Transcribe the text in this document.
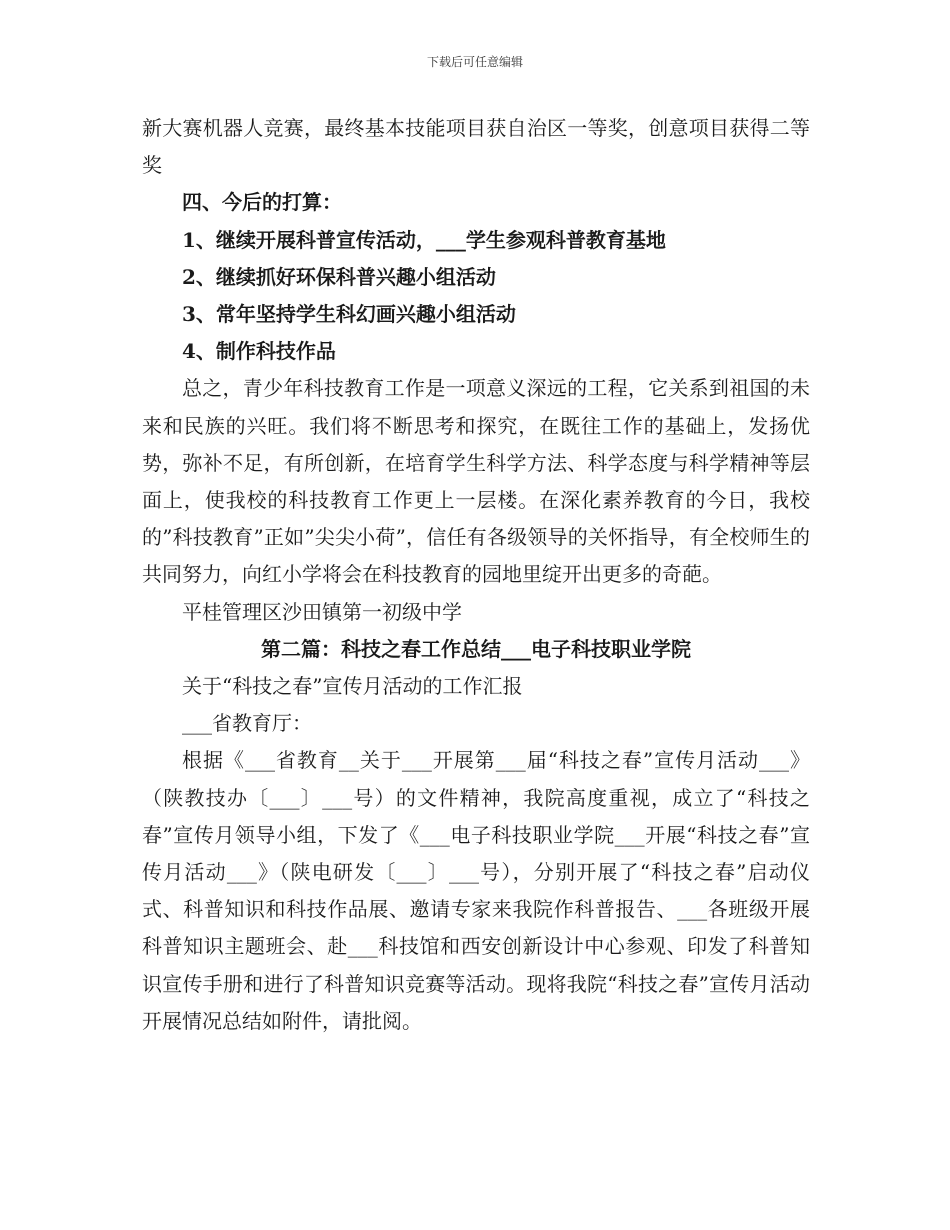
下载后可任意编辑

新大赛机器人竞赛，最终基本技能项目获自治区一等奖，创意项目获得二等奖

四、今后的打算：

1、继续开展科普宣传活动，___学生参观科普教育基地

2、继续抓好环保科普兴趣小组活动

3、常年坚持学生科幻画兴趣小组活动

4、制作科技作品

总之，青少年科技教育工作是一项意义深远的工程，它关系到祖国的未来和民族的兴旺。我们将不断思考和探究，在既往工作的基础上，发扬优势，弥补不足，有所创新，在培育学生科学方法、科学态度与科学精神等层面上，使我校的科技教育工作更上一层楼。在深化素养教育的今日，我校的”科技教育”正如”尖尖小荷”，信任有各级领导的关怀指导，有全校师生的共同努力，向红小学将会在科技教育的园地里绽开出更多的奇葩。

平桂管理区沙田镇第一初级中学

第二篇：科技之春工作总结___电子科技职业学院

关于“科技之春”宣传月活动的工作汇报

___省教育厅：

根据《___省教育__关于___开展第___届“科技之春”宣传月活动___》（陕教技办〔___〕___号）的文件精神，我院高度重视，成立了“科技之春”宣传月领导小组，下发了《___电子科技职业学院___开展“科技之春”宣传月活动___》（陕电研发〔___〕___号），分别开展了“科技之春”启动仪式、科普知识和科技作品展、邀请专家来我院作科普报告、___各班级开展科普知识主题班会、赴___科技馆和西安创新设计中心参观、印发了科普知识宣传手册和进行了科普知识竞赛等活动。现将我院“科技之春”宣传月活动开展情况总结如附件，请批阅。
